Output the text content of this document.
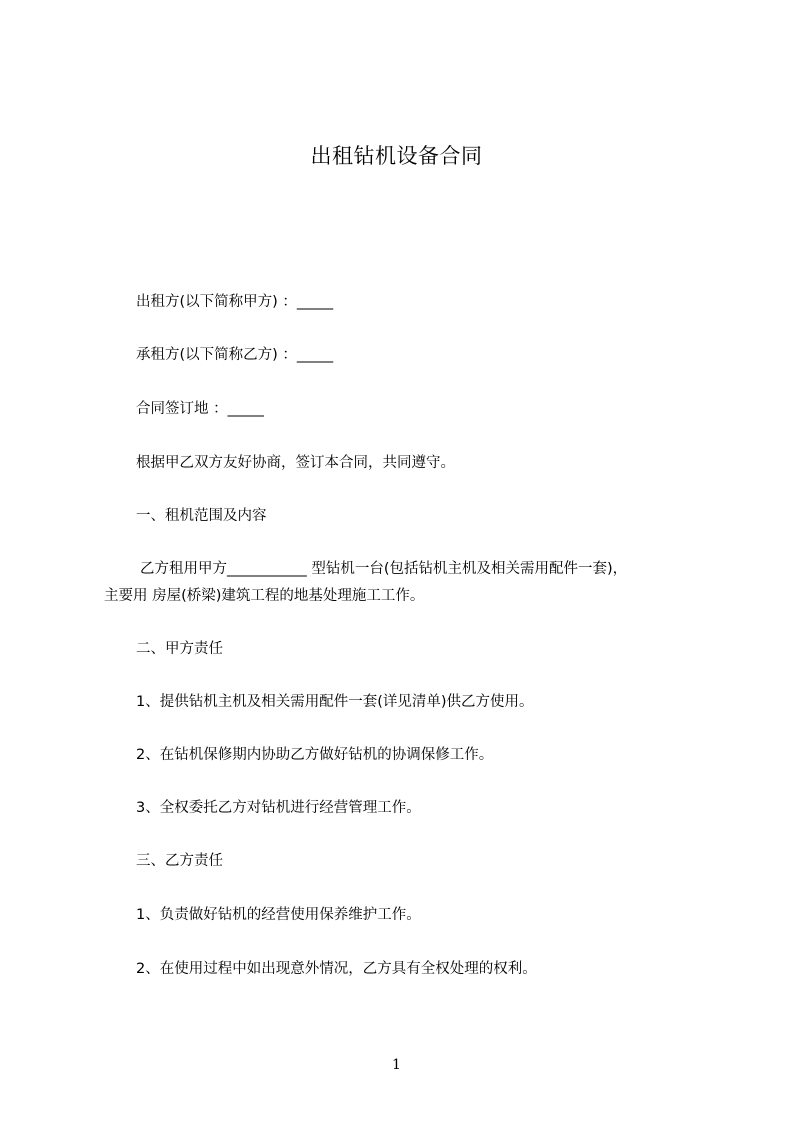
出租钻机设备合同
出租方(以下简称甲方) ：_____
承租方(以下简称乙方) ：_____
合同签订地 ：_____
根据甲乙双方友好协商，签订本合同，共同遵守。
一、租机范围及内容
乙方租用甲方___________ 型钻机一台(包括钻机主机及相关需用配件一套)，
主要用 房屋(桥梁)建筑工程的地基处理施工工作。
二、甲方责任
1、提供钻机主机及相关需用配件一套(详见清单)供乙方使用。
2、在钻机保修期内协助乙方做好钻机的协调保修工作。
3、全权委托乙方对钻机进行经营管理工作。
三、乙方责任
1、负责做好钻机的经营使用保养维护工作。
2、在使用过程中如出现意外情况，乙方具有全权处理的权利。
1
